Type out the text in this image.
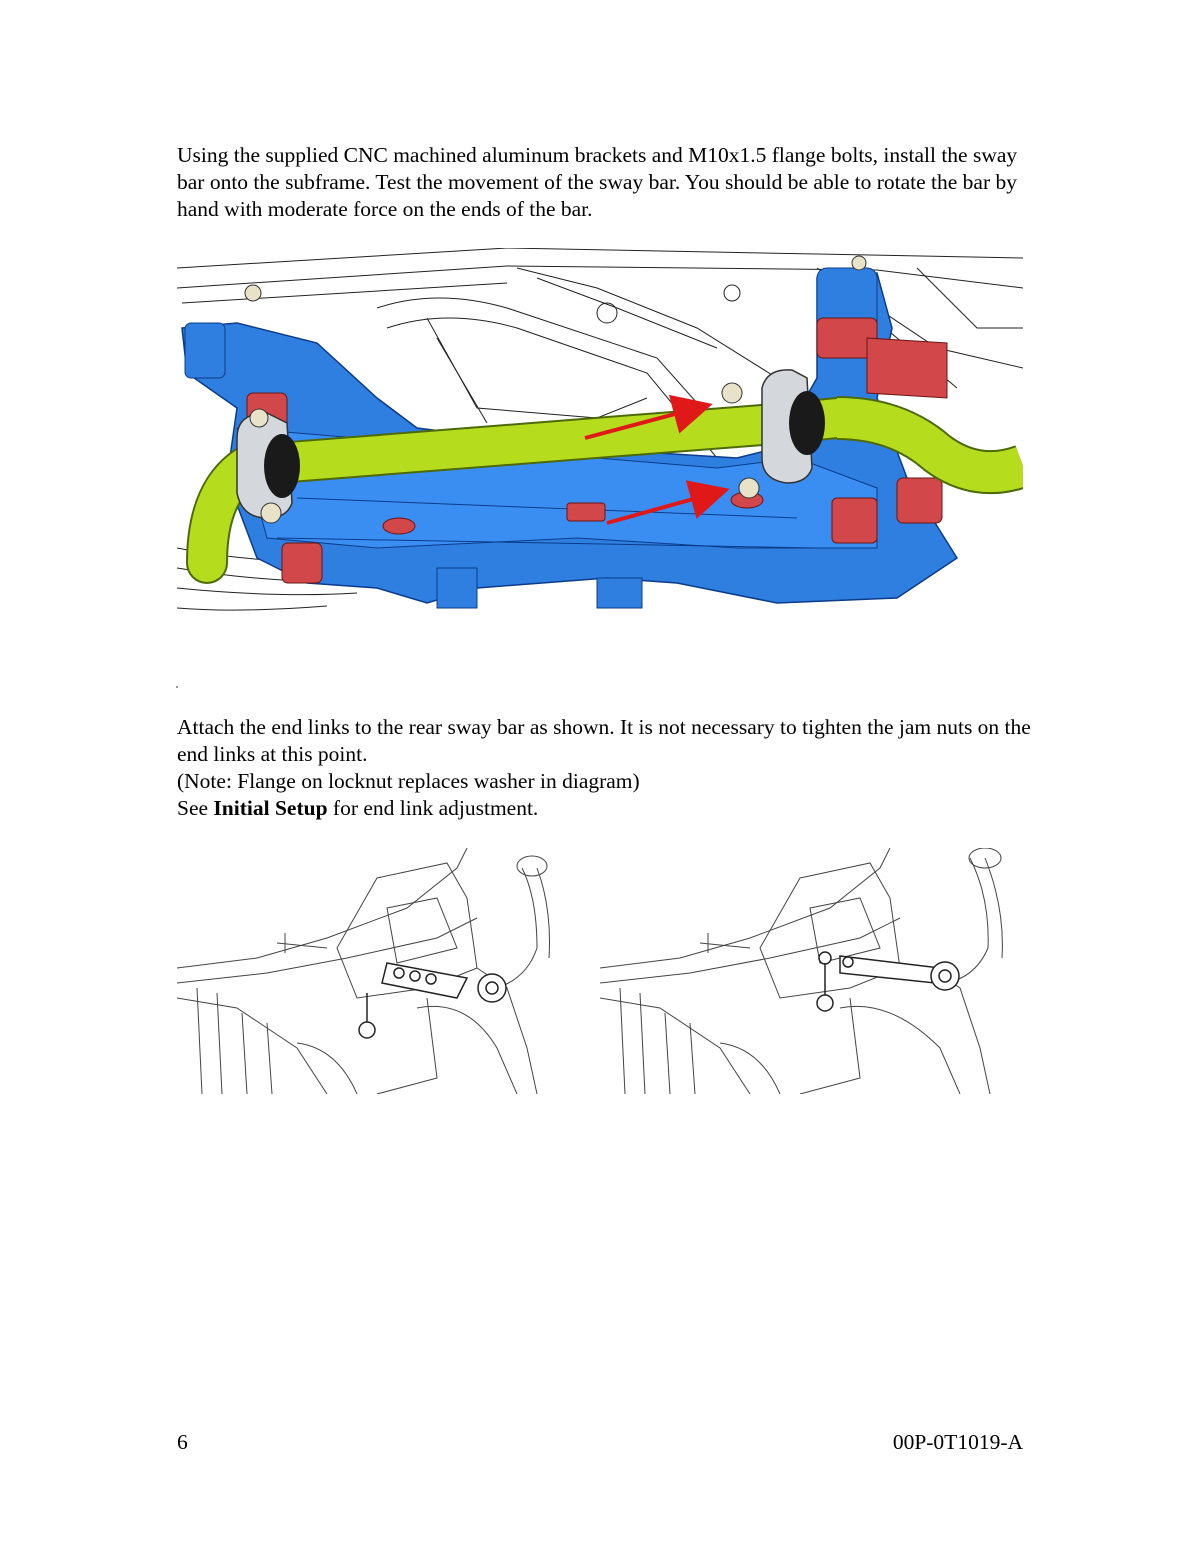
Using the supplied CNC machined aluminum brackets and M10x1.5 flange bolts, install the sway bar onto the subframe. Test the movement of the sway bar. You should be able to rotate the bar by hand with moderate force on the ends of the bar.

Attach the end links to the rear sway bar as shown. It is not necessary to tighten the jam nuts on the end links at this point.
(Note: Flange on locknut replaces washer in diagram)
See Initial Setup for end link adjustment.
6	00P-0T1019-A
